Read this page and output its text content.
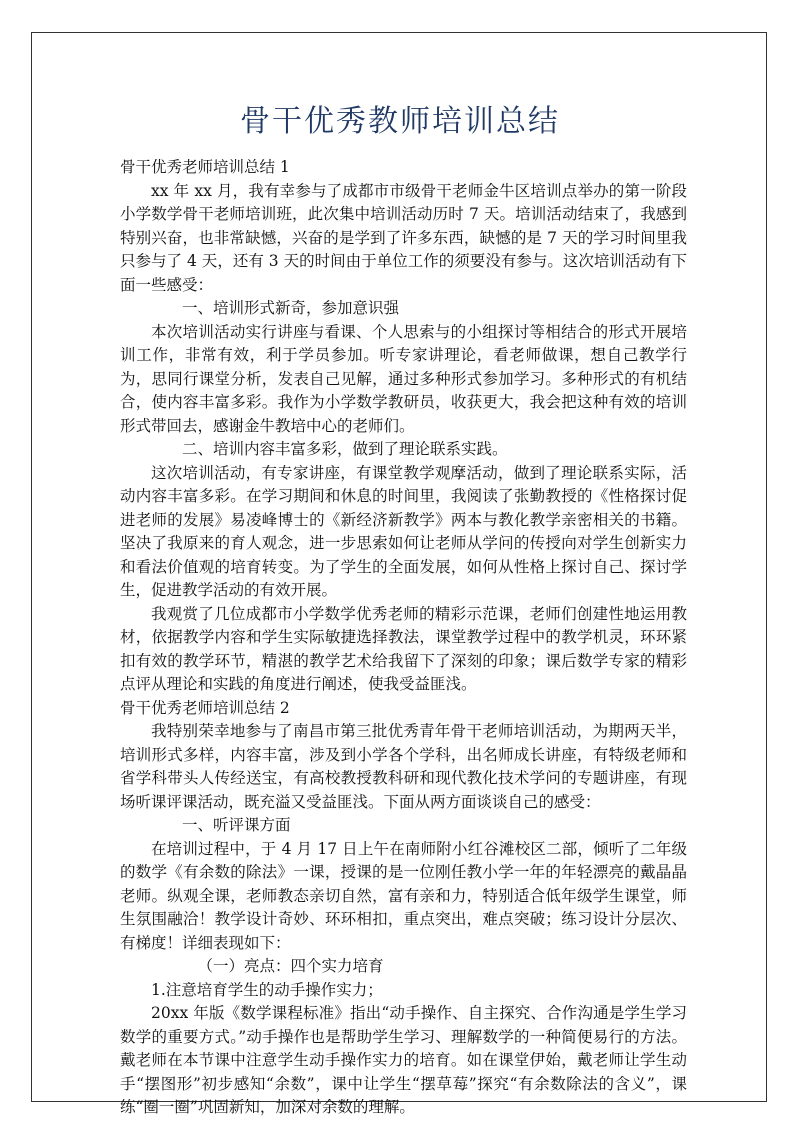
骨干优秀教师培训总结

骨干优秀老师培训总结 1

xx 年 xx 月，我有幸参与了成都市市级骨干老师金牛区培训点举办的第一阶段小学数学骨干老师培训班，此次集中培训活动历时 7 天。培训活动结束了，我感到特别兴奋，也非常缺憾，兴奋的是学到了许多东西，缺憾的是 7 天的学习时间里我只参与了 4 天，还有 3 天的时间由于单位工作的须要没有参与。这次培训活动有下面一些感受：

一、培训形式新奇，参加意识强

本次培训活动实行讲座与看课、个人思索与的小组探讨等相结合的形式开展培训工作，非常有效，利于学员参加。听专家讲理论，看老师做课，想自己教学行为，思同行课堂分析，发表自己见解，通过多种形式参加学习。多种形式的有机结合，使内容丰富多彩。我作为小学数学教研员，收获更大，我会把这种有效的培训形式带回去，感谢金牛教培中心的老师们。

二、培训内容丰富多彩，做到了理论联系实践。

这次培训活动，有专家讲座，有课堂教学观摩活动，做到了理论联系实际，活动内容丰富多彩。在学习期间和休息的时间里，我阅读了张勤教授的《性格探讨促进老师的发展》易凌峰博士的《新经济新教学》两本与教化教学亲密相关的书籍。坚决了我原来的育人观念，进一步思索如何让老师从学问的传授向对学生创新实力和看法价值观的培育转变。为了学生的全面发展，如何从性格上探讨自己、探讨学生，促进教学活动的有效开展。

我观赏了几位成都市小学数学优秀老师的精彩示范课，老师们创建性地运用教材，依据教学内容和学生实际敏捷选择教法，课堂教学过程中的教学机灵，环环紧扣有效的教学环节，精湛的教学艺术给我留下了深刻的印象；课后数学专家的精彩点评从理论和实践的角度进行阐述，使我受益匪浅。

骨干优秀老师培训总结 2

我特别荣幸地参与了南昌市第三批优秀青年骨干老师培训活动，为期两天半，培训形式多样，内容丰富，涉及到小学各个学科，出名师成长讲座，有特级老师和省学科带头人传经送宝，有高校教授教科研和现代教化技术学问的专题讲座，有现场听课评课活动，既充溢又受益匪浅。下面从两方面谈谈自己的感受：

一、听评课方面

在培训过程中，于 4 月 17 日上午在南师附小红谷滩校区二部，倾听了二年级的数学《有余数的除法》一课，授课的是一位刚任教小学一年的年轻漂亮的戴晶晶老师。纵观全课，老师教态亲切自然，富有亲和力，特别适合低年级学生课堂，师生氛围融洽！教学设计奇妙、环环相扣，重点突出，难点突破；练习设计分层次、有梯度！详细表现如下：

（一）亮点：四个实力培育

1.注意培育学生的动手操作实力；

20xx 年版《数学课程标准》指出“动手操作、自主探究、合作沟通是学生学习数学的重要方式。”动手操作也是帮助学生学习、理解数学的一种简便易行的方法。戴老师在本节课中注意学生动手操作实力的培育。如在课堂伊始，戴老师让学生动手“摆图形”初步感知“余数”，课中让学生“摆草莓”探究“有余数除法的含义”，课练“圈一圈”巩固新知，加深对余数的理解。
